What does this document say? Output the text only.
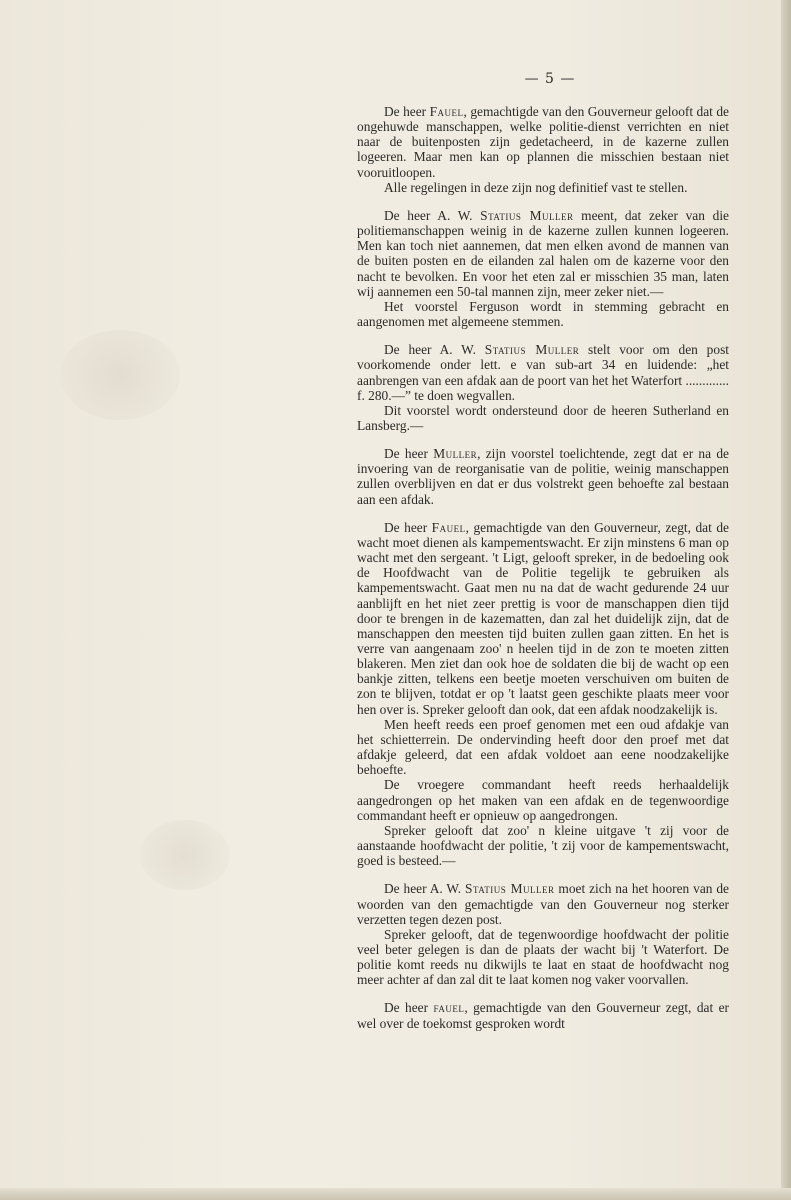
— 5 —

De heer Fauel, gemachtigde van den Gouverneur gelooft dat de ongehuwde manschappen, welke politie-dienst verrichten en niet naar de buitenposten zijn gedetacheerd, in de kazerne zullen logeeren. Maar men kan op plannen die misschien bestaan niet vooruitloopen.

Alle regelingen in deze zijn nog definitief vast te stellen.

De heer A. W. Statius Muller meent, dat zeker van die politiemanschappen weinig in de kazerne zullen kunnen logeeren. Men kan toch niet aannemen, dat men elken avond de mannen van de buiten posten en de eilanden zal halen om de kazerne voor den nacht te bevolken. En voor het eten zal er misschien 35 man, laten wij aannemen een 50-tal mannen zijn, meer zeker niet.—

Het voorstel Ferguson wordt in stemming gebracht en aangenomen met algemeene stemmen.

De heer A. W. Statius Muller stelt voor om den post voorkomende onder lett. e van sub-art 34 en luidende: „het aanbrengen van een afdak aan de poort van het het Waterfort ............. f. 280.—” te doen wegvallen.

Dit voorstel wordt ondersteund door de heeren Sutherland en Lansberg.—

De heer Muller, zijn voorstel toelichtende, zegt dat er na de invoering van de reorganisatie van de politie, weinig manschappen zullen overblijven en dat er dus volstrekt geen behoefte zal bestaan aan een afdak.

De heer Fauel, gemachtigde van den Gouverneur, zegt, dat de wacht moet dienen als kampementswacht. Er zijn minstens 6 man op wacht met den sergeant. 't Ligt, gelooft spreker, in de bedoeling ook de Hoofdwacht van de Politie tegelijk te gebruiken als kampementswacht. Gaat men nu na dat de wacht gedurende 24 uur aanblijft en het niet zeer prettig is voor de manschappen dien tijd door te brengen in de kazematten, dan zal het duidelijk zijn, dat de manschappen den meesten tijd buiten zullen gaan zitten. En het is verre van aangenaam zoo' n heelen tijd in de zon te moeten zitten blakeren. Men ziet dan ook hoe de soldaten die bij de wacht op een bankje zitten, telkens een beetje moeten verschuiven om buiten de zon te blijven, totdat er op 't laatst geen geschikte plaats meer voor hen over is. Spreker gelooft dan ook, dat een afdak noodzakelijk is.

Men heeft reeds een proef genomen met een oud afdakje van het schietterrein. De ondervinding heeft door den proef met dat afdakje geleerd, dat een afdak voldoet aan eene noodzakelijke behoefte.

De vroegere commandant heeft reeds herhaaldelijk aangedrongen op het maken van een afdak en de tegenwoordige commandant heeft er opnieuw op aangedrongen.

Spreker gelooft dat zoo' n kleine uitgave 't zij voor de aanstaande hoofdwacht der politie, 't zij voor de kampementswacht, goed is besteed.—

De heer A. W. Statius Muller moet zich na het hooren van de woorden van den gemachtigde van den Gouverneur nog sterker verzetten tegen dezen post.

Spreker gelooft, dat de tegenwoordige hoofdwacht der politie veel beter gelegen is dan de plaats der wacht bij 't Waterfort. De politie komt reeds nu dikwijls te laat en staat de hoofdwacht nog meer achter af dan zal dit te laat komen nog vaker voorvallen.

De heer fauel, gemachtigde van den Gouverneur zegt, dat er wel over de toekomst gesproken wordt
